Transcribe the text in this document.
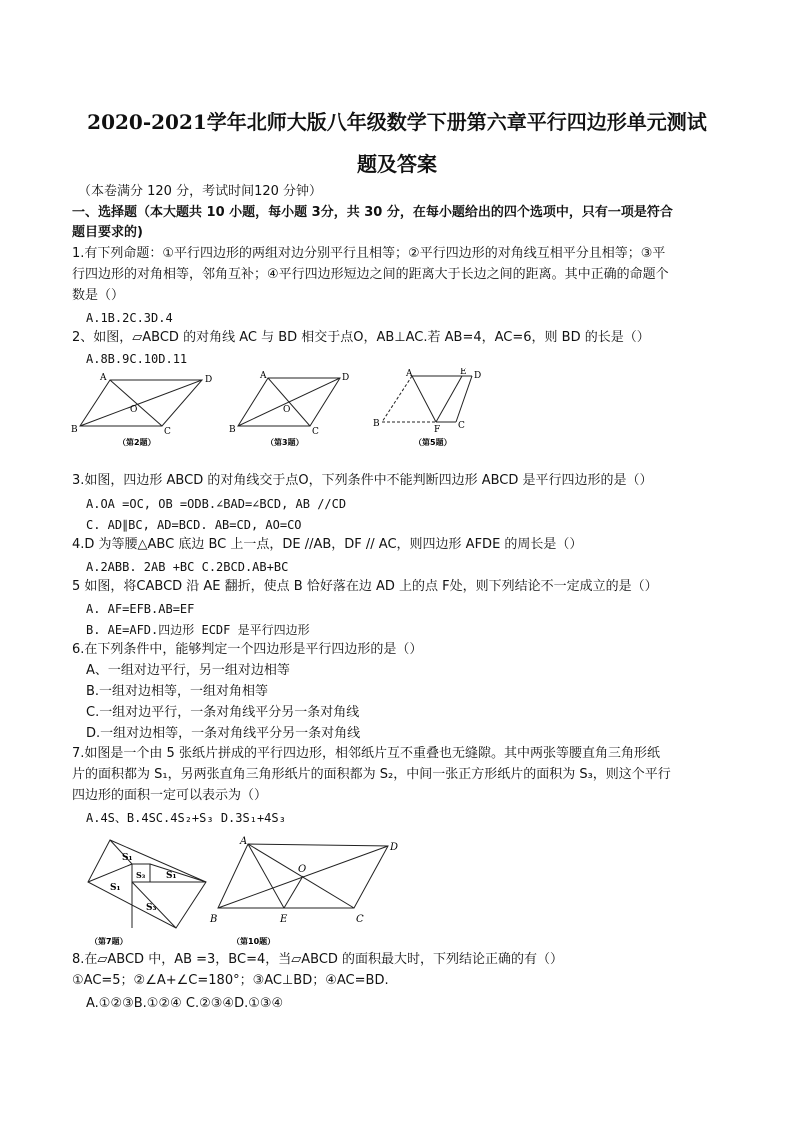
2020-2021学年北师大版八年级数学下册第六章平行四边形单元测试
题及答案
（本卷满分 120 分，考试时间120 分钟）
一、选择题（本大题共 10 小题，每小题 3分，共 30 分，在每小题给出的四个选项中，只有一项是符合
题目要求的)
1.有下列命题：①平行四边形的两组对边分别平行且相等；②平行四边形的对角线互相平分且相等；③平
行四边形的对角相等，邻角互补；④平行四边形短边之间的距离大于长边之间的距离。其中正确的命题个
数是（）
A.1B.2C.3D.4
2、如图，▱ABCD 的对角线 AC 与 BD 相交于点O，AB⊥AC.若 AB=4，AC=6，则 BD 的长是（）
A.8B.9C.10D.11
A
B	C
D
O
（第2题）
A
B	C
D
O
（第3题）
A
B	C
D
E
F
（第5题）
3.如图，四边形 ABCD 的对角线交于点O，下列条件中不能判断四边形 ABCD 是平行四边形的是（）
A.OA =OC, OB =ODB.∠BAD=∠BCD, AB //CD
C. AD∥BC, AD=BCD. AB=CD, AO=CO
4.D 为等腰△ABC 底边 BC 上一点，DE //AB，DF // AC，则四边形 AFDE 的周长是（）
A.2ABB. 2AB +BC C.2BCD.AB+BC
5 如图，将CABCD 沿 AE 翻折，使点 B 恰好落在边 AD 上的点 F处，则下列结论不一定成立的是（）
A. AF=EFB.AB=EF
B. AE=AFD.四边形 ECDF 是平行四边形
6.在下列条件中，能够判定一个四边形是平行四边形的是（）
A、一组对边平行，另一组对边相等
B.一组对边相等，一组对角相等
C.一组对边平行，一条对角线平分另一条对角线
D.一组对边相等，一条对角线平分另一条对角线
7.如图是一个由 5 张纸片拼成的平行四边形，相邻纸片互不重叠也无缝隙。其中两张等腰直角三角形纸
片的面积都为 S₁，另两张直角三角形纸片的面积都为 S₂，中间一张正方形纸片的面积为 S₃，则这个平行
四边形的面积一定可以表示为（）
A.4S、B.4SC.4S₂+S₃ D.3S₁+4S₃
S₁
S₁
S₃ S₁
S₃
（第7题）
A
B	C
D
O
E
（第10题）
8.在▱ABCD 中，AB =3，BC=4，当▱ABCD 的面积最大时，下列结论正确的有（）
①AC=5；②∠A+∠C=180°；③AC⊥BD；④AC=BD.
A.①②③B.①②④ C.②③④D.①③④
